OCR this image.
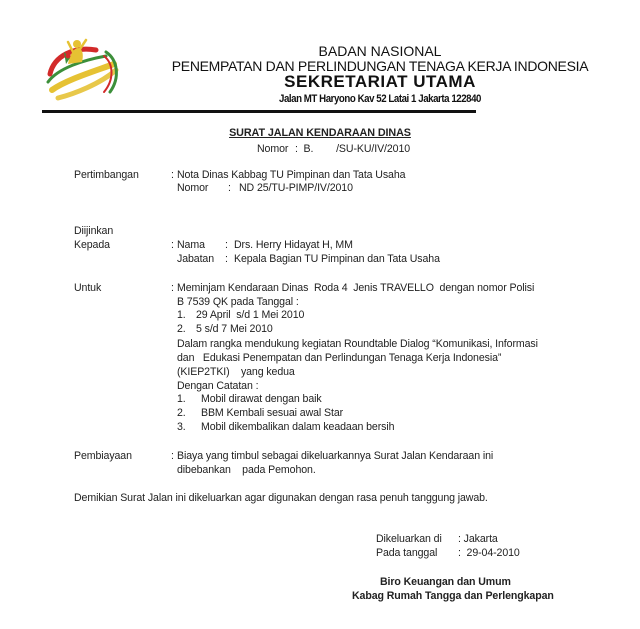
BADAN NASIONAL
PENEMPATAN DAN PERLINDUNGAN TENAGA KERJA INDONESIA
SEKRETARIAT UTAMA
Jalan MT Haryono Kav 52 Latai 1 Jakarta 122840
SURAT JALAN KENDARAAN DINAS
Nomor :  B.        /SU-KU/IV/2010
Pertimbangan	: Nota Dinas Kabbag TU Pimpinan dan Tata Usaha
Nomor : ND 25/TU-PIMP/IV/2010
Diijinkan
Kepada	: Nama : Drs. Herry Hidayat H, MM
Jabatan : Kepala Bagian TU Pimpinan dan Tata Usaha
Untuk	: Meminjam Kendaraan Dinas  Roda 4  Jenis TRAVELLO  dengan nomor Polisi
B 7539 QK pada Tanggal :
1. 29 April  s/d 1 Mei 2010
2. 5 s/d 7 Mei 2010
Dalam rangka mendukung kegiatan Roundtable Dialog “Komunikasi, Informasi
dan   Edukasi Penempatan dan Perlindungan Tenaga Kerja Indonesia”
(KIEP2TKI)    yang kedua
Dengan Catatan :
1. Mobil dirawat dengan baik
2. BBM Kembali sesuai awal Star
3. Mobil dikembalikan dalam keadaan bersih
Pembiayaan	: Biaya yang timbul sebagai dikeluarkannya Surat Jalan Kendaraan ini
dibebankan    pada Pemohon.
Demikian Surat Jalan ini dikeluarkan agar digunakan dengan rasa penuh tanggung jawab.
Dikeluarkan di : Jakarta
Pada tanggal :  29-04-2010
Biro Keuangan dan Umum
Kabag Rumah Tangga dan Perlengkapan
